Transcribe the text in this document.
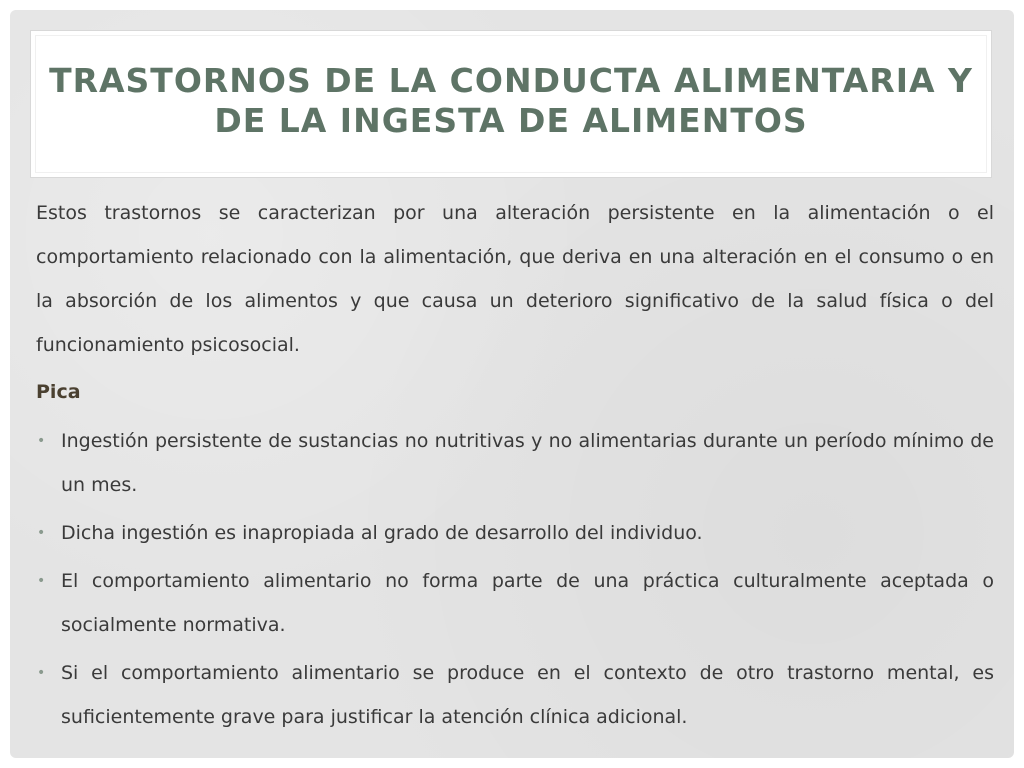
TRASTORNOS DE LA CONDUCTA ALIMENTARIA Y DE LA INGESTA DE ALIMENTOS

Estos trastornos se caracterizan por una alteración persistente en la alimentación o el comportamiento relacionado con la alimentación, que deriva en una alteración en el consumo o en la absorción de los alimentos y que causa un deterioro significativo de la salud física o del funcionamiento psicosocial.

Pica

• Ingestión persistente de sustancias no nutritivas y no alimentarias durante un período mínimo de un mes.
• Dicha ingestión es inapropiada al grado de desarrollo del individuo.
• El comportamiento alimentario no forma parte de una práctica culturalmente aceptada o socialmente normativa.
• Si el comportamiento alimentario se produce en el contexto de otro trastorno mental, es suficientemente grave para justificar la atención clínica adicional.
